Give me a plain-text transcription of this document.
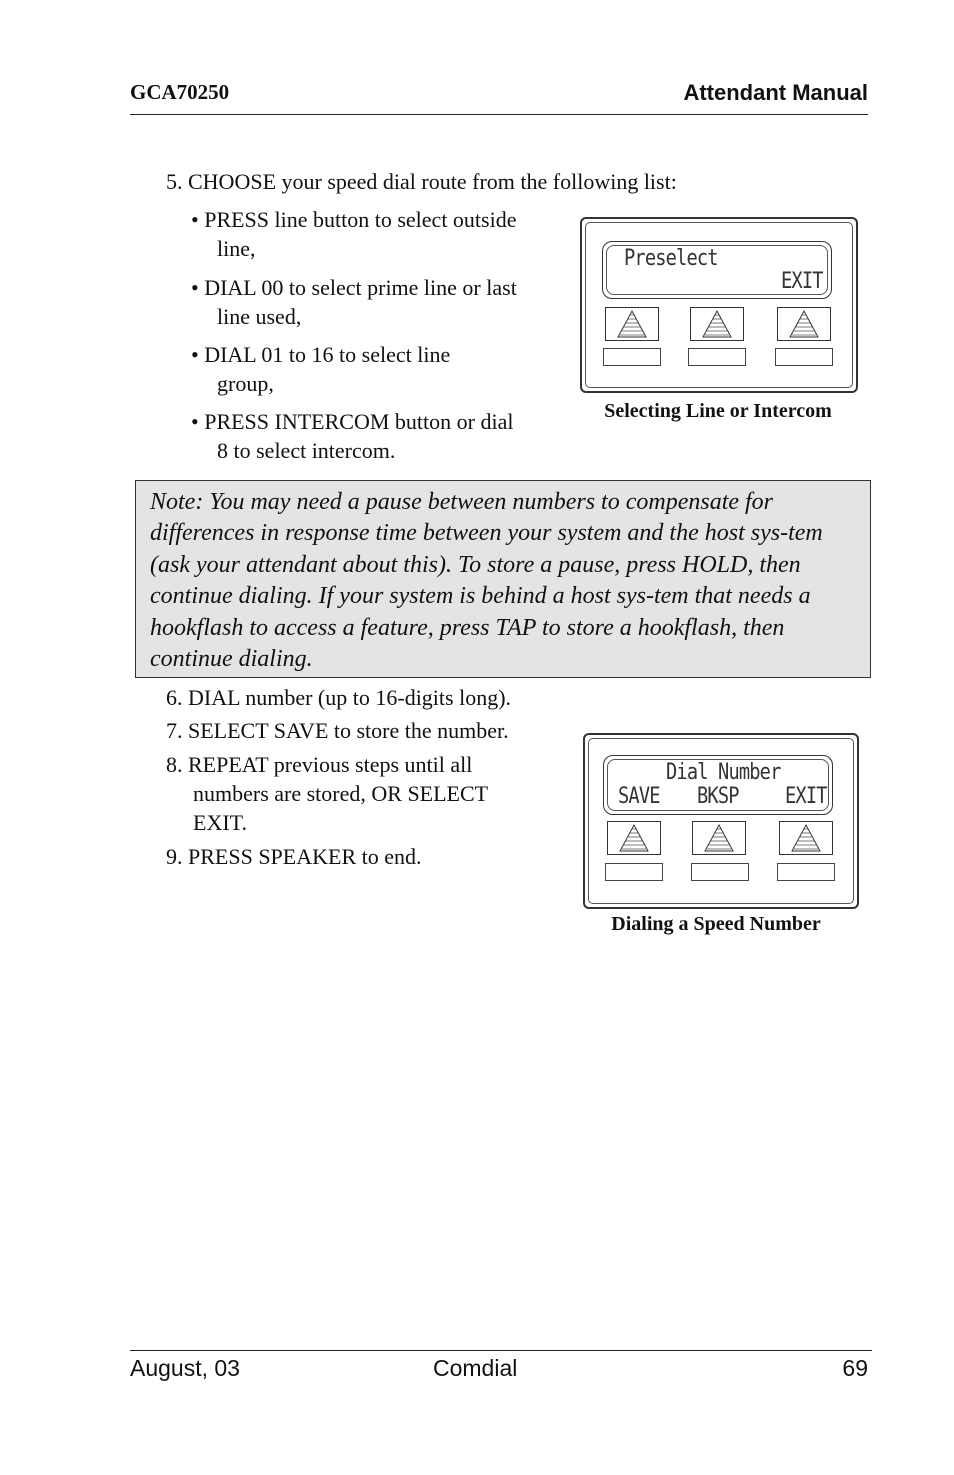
GCA70250	Attendant Manual
5. CHOOSE your speed dial route from the following list:
• PRESS line button to select outside
line,
• DIAL 00 to select prime line or last
line used,
• DIAL 01 to 16 to select line
group,
• PRESS INTERCOM button or dial
8 to select intercom.
Preselect
EXIT
Selecting Line or Intercom
Note: You may need a pause between numbers to compensate for differences in response time between your system and the host sys-tem (ask your attendant about this). To store a pause, press HOLD, then continue dialing. If your system is behind a host sys-tem that needs a hookflash to access a feature, press TAP to store a hookflash, then continue dialing.
6. DIAL number (up to 16-digits long).
7. SELECT SAVE to store the number.
8. REPEAT previous steps until all
numbers are stored, OR SELECT
EXIT.
9. PRESS SPEAKER to end.
Dial Number
SAVE BKSP EXIT
Dialing a Speed Number
August, 03	Comdial	69
